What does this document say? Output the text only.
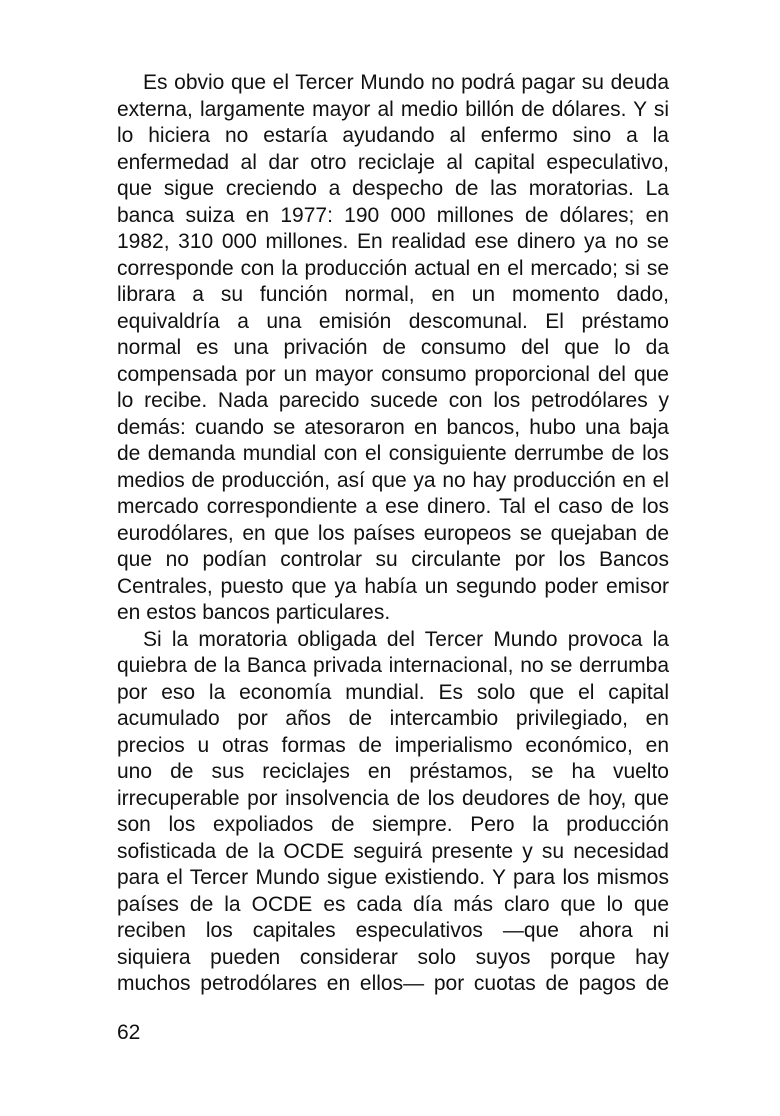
Es obvio que el Tercer Mundo no podrá pagar su deuda
externa, largamente mayor al medio billón de dólares. Y si
lo hiciera no estaría ayudando al enfermo sino a la
enfermedad al dar otro reciclaje al capital especulativo,
que sigue creciendo a despecho de las moratorias. La
banca suiza en 1977: 190 000 millones de dólares; en
1982, 310 000 millones. En realidad ese dinero ya no se
corresponde con la producción actual en el mercado; si se
librara a su función normal, en un momento dado,
equivaldría a una emisión descomunal. El préstamo
normal es una privación de consumo del que lo da
compensada por un mayor consumo proporcional del que
lo recibe. Nada parecido sucede con los petrodólares y
demás: cuando se atesoraron en bancos, hubo una baja
de demanda mundial con el consiguiente derrumbe de los
medios de producción, así que ya no hay producción en el
mercado correspondiente a ese dinero. Tal el caso de los
eurodólares, en que los países europeos se quejaban de
que no podían controlar su circulante por los Bancos
Centrales, puesto que ya había un segundo poder emisor
en estos bancos particulares.
Si la moratoria obligada del Tercer Mundo provoca la
quiebra de la Banca privada internacional, no se derrumba
por eso la economía mundial. Es solo que el capital
acumulado por años de intercambio privilegiado, en
precios u otras formas de imperialismo económico, en
uno de sus reciclajes en préstamos, se ha vuelto
irrecuperable por insolvencia de los deudores de hoy, que
son los expoliados de siempre. Pero la producción
sofisticada de la OCDE seguirá presente y su necesidad
para el Tercer Mundo sigue existiendo. Y para los mismos
países de la OCDE es cada día más claro que lo que
reciben los capitales especulativos —que ahora ni
siquiera pueden considerar solo suyos porque hay
muchos petrodólares en ellos— por cuotas de pagos de
62
